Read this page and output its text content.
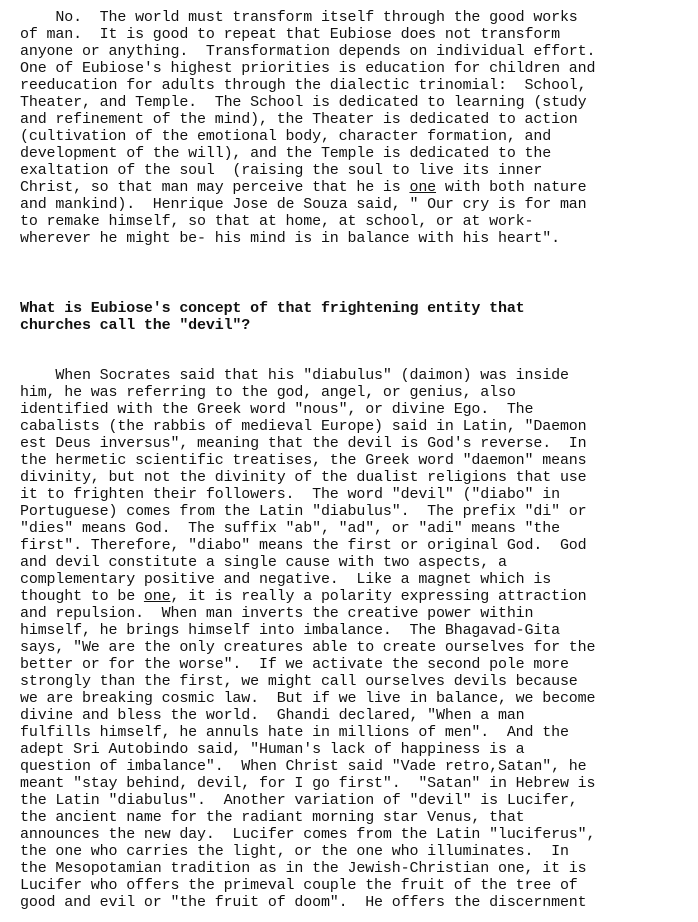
No.  The world must transform itself through the good works
of man.  It is good to repeat that Eubiose does not transform
anyone or anything.  Transformation depends on individual effort.
One of Eubiose's highest priorities is education for children and
reeducation for adults through the dialectic trinomial:  School,
Theater, and Temple.  The School is dedicated to learning (study
and refinement of the mind), the Theater is dedicated to action
(cultivation of the emotional body, character formation, and
development of the will), and the Temple is dedicated to the
exaltation of the soul  (raising the soul to live its inner
Christ, so that man may perceive that he is one with both nature
and mankind).  Henrique Jose de Souza said, " Our cry is for man
to remake himself, so that at home, at school, or at work-
wherever he might be- his mind is in balance with his heart".
What is Eubiose's concept of that frightening entity that
churches call the "devil"?
When Socrates said that his "diabulus" (daimon) was inside
him, he was referring to the god, angel, or genius, also
identified with the Greek word "nous", or divine Ego.  The
cabalists (the rabbis of medieval Europe) said in Latin, "Daemon
est Deus inversus", meaning that the devil is God's reverse.  In
the hermetic scientific treatises, the Greek word "daemon" means
divinity, but not the divinity of the dualist religions that use
it to frighten their followers.  The word "devil" ("diabo" in
Portuguese) comes from the Latin "diabulus".  The prefix "di" or
"dies" means God.  The suffix "ab", "ad", or "adi" means "the
first". Therefore, "diabo" means the first or original God.  God
and devil constitute a single cause with two aspects, a
complementary positive and negative.  Like a magnet which is
thought to be one, it is really a polarity expressing attraction
and repulsion.  When man inverts the creative power within
himself, he brings himself into imbalance.  The Bhagavad-Gita
says, "We are the only creatures able to create ourselves for the
better or for the worse".  If we activate the second pole more
strongly than the first, we might call ourselves devils because
we are breaking cosmic law.  But if we live in balance, we become
divine and bless the world.  Ghandi declared, "When a man
fulfills himself, he annuls hate in millions of men".  And the
adept Sri Autobindo said, "Human's lack of happiness is a
question of imbalance".  When Christ said "Vade retro,Satan", he
meant "stay behind, devil, for I go first".  "Satan" in Hebrew is
the Latin "diabulus".  Another variation of "devil" is Lucifer,
the ancient name for the radiant morning star Venus, that
announces the new day.  Lucifer comes from the Latin "luciferus",
the one who carries the light, or the one who illuminates.  In
the Mesopotamian tradition as in the Jewish-Christian one, it is
Lucifer who offers the primeval couple the fruit of the tree of
good and evil or "the fruit of doom".  He offers the discernment
